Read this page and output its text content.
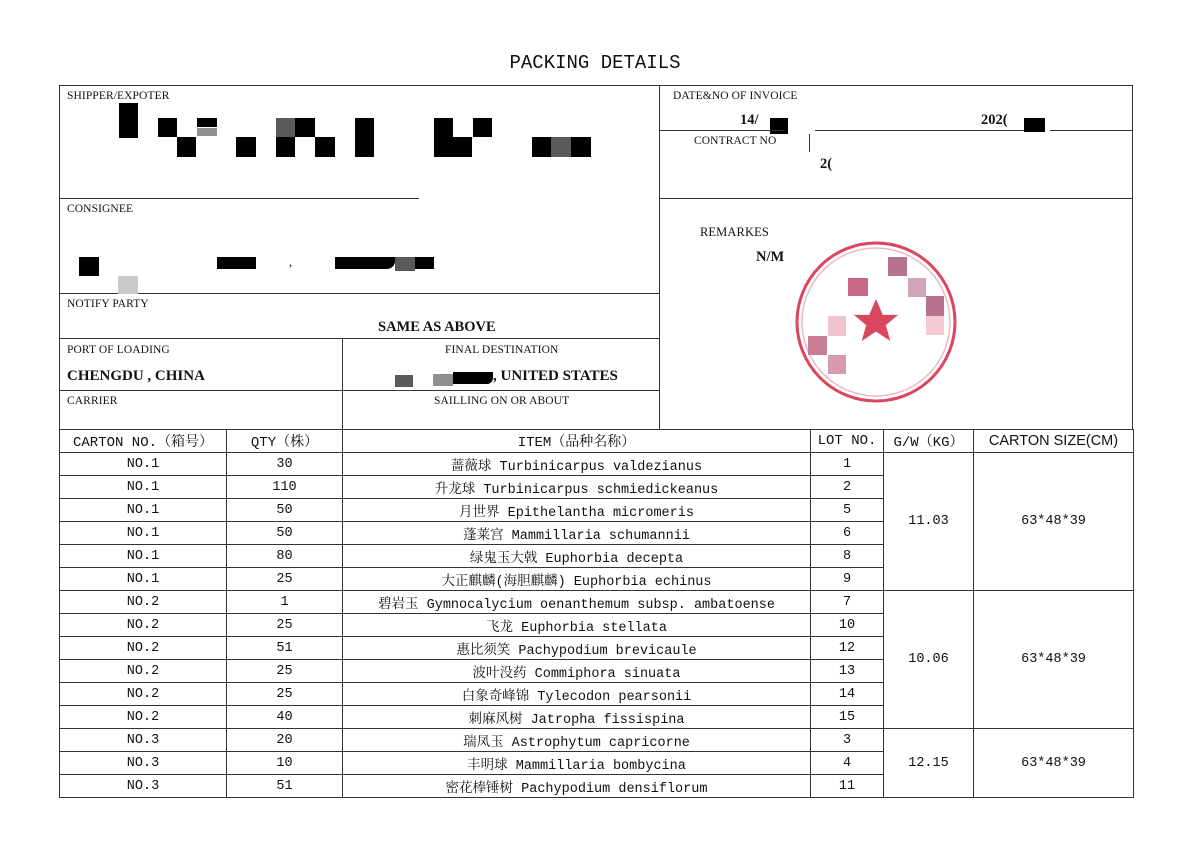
PACKING DETAILS
SHIPPER/EXPOTER	DATE&NO OF INVOICE
14/	202(
CONTRACT NO
2(
CONSIGNEE
,
REMARKES
N/M
NOTIFY PARTY
SAME AS ABOVE
PORT OF LOADING
CHENGDU , CHINA
FINAL DESTINATION
, UNITED STATES
CARRIER	SAILLING ON OR ABOUT
CARTON NO.（箱号）	QTY（株）	ITEM（品种名称）	LOT NO.	G/W（KG）	CARTON SIZE(CM)
NO.1	30	蔷薇球 Turbinicarpus valdezianus	1	11.03	63*48*39
NO.1	110	升龙球 Turbinicarpus schmiedickeanus	2		
NO.1	50	月世界 Epithelantha micromeris	5		
NO.1	50	蓬莱宫 Mammillaria schumannii	6		
NO.1	80	绿鬼玉大戟 Euphorbia decepta	8		
NO.1	25	大正麒麟(海胆麒麟) Euphorbia echinus	9		
NO.2	1	碧岩玉 Gymnocalycium oenanthemum subsp. ambatoense	7	10.06	63*48*39
NO.2	25	飞龙 Euphorbia stellata	10		
NO.2	51	惠比须笑 Pachypodium brevicaule	12		
NO.2	25	波叶没药 Commiphora sinuata	13		
NO.2	25	白象奇峰锦 Tylecodon pearsonii	14		
NO.2	40	刺麻风树 Jatropha fissispina	15		
NO.3	20	瑞凤玉 Astrophytum capricorne	3	12.15	63*48*39
NO.3	10	丰明球 Mammillaria bombycina	4		
NO.3	51	密花棒锤树 Pachypodium densiflorum	11		
